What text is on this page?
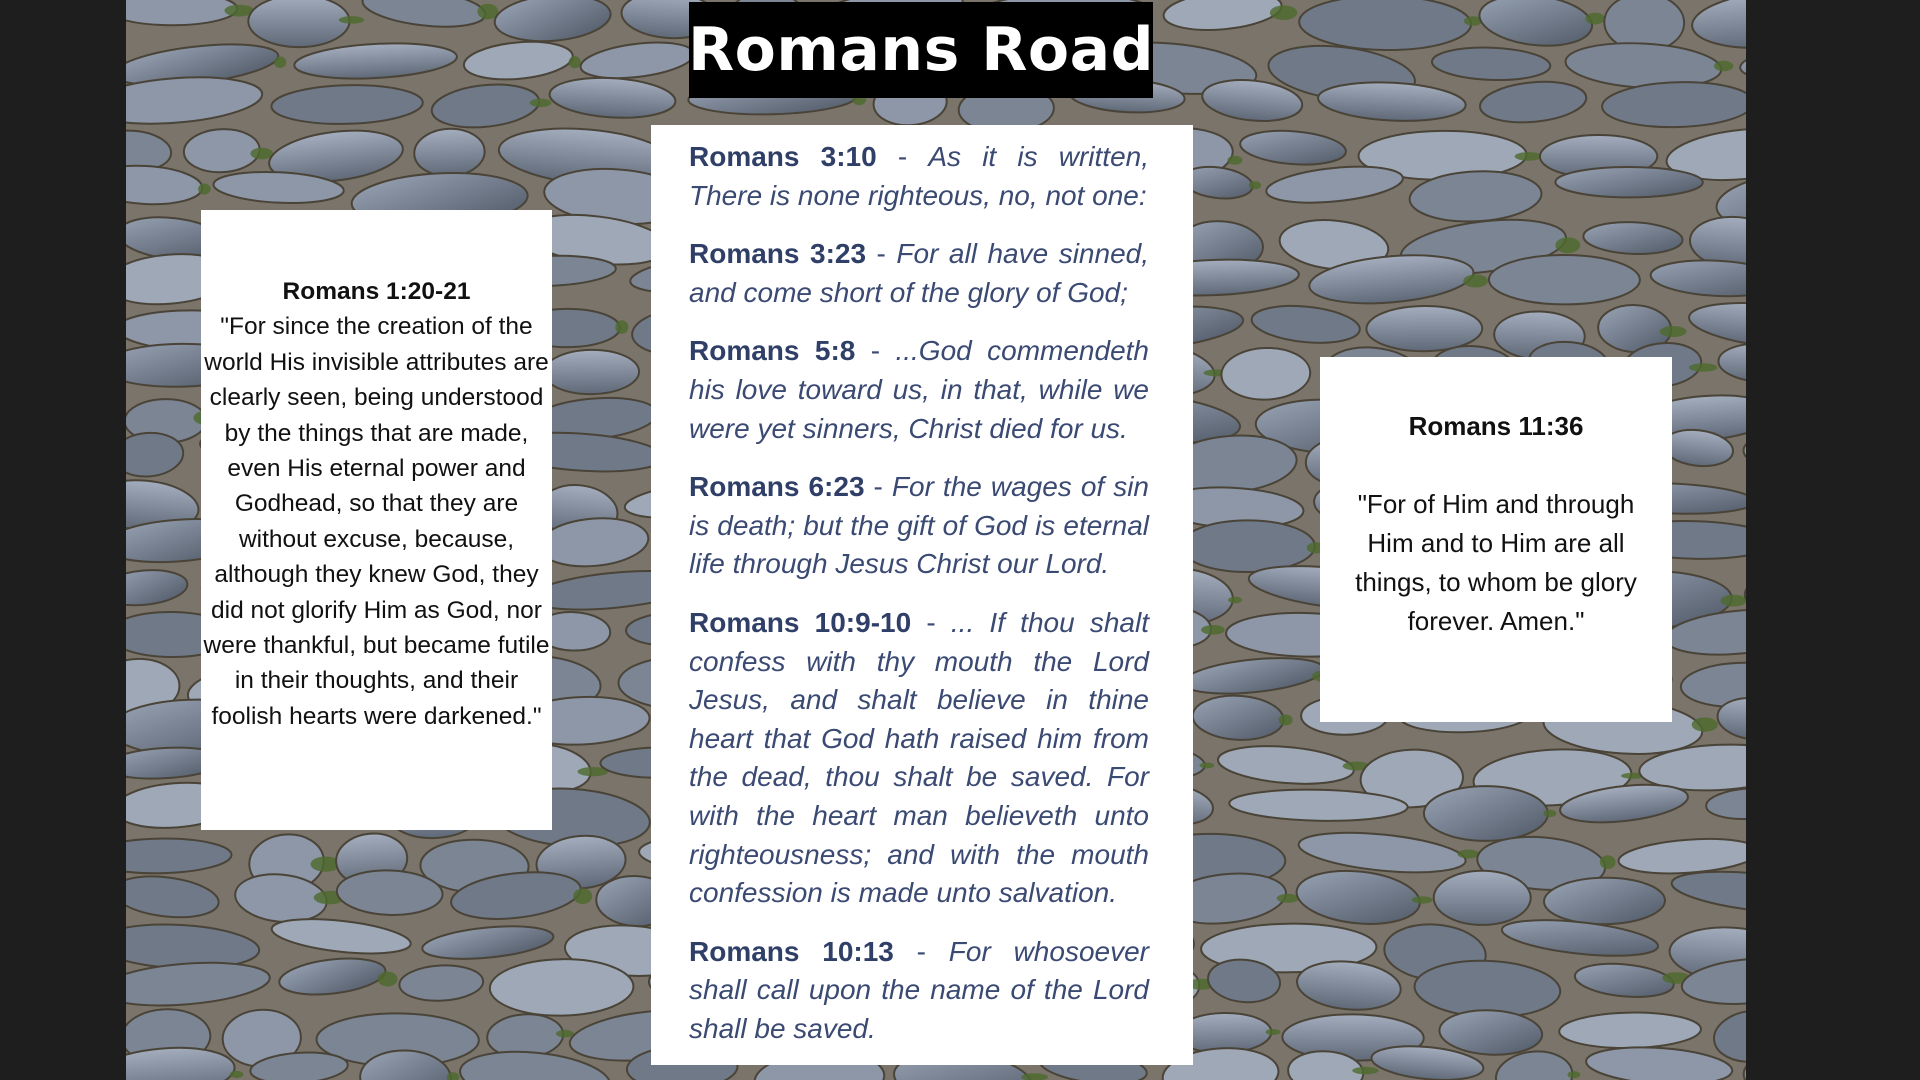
Romans Road
Romans 1:20-21
"For since the creation of the world His invisible attributes are clearly seen, being understood by the things that are made, even His eternal power and Godhead, so that they are without excuse, because, although they knew God, they did not glorify Him as God, nor were thankful, but became futile in their thoughts, and their foolish hearts were darkened."

Romans 3:10 - As it is written, There is none righteous, no, not one:

Romans 3:23 - For all have sinned, and come short of the glory of God;

Romans 5:8 - ...God commendeth his love toward us, in that, while we were yet sinners, Christ died for us.

Romans 6:23 - For the wages of sin is death; but the gift of God is eternal life through Jesus Christ our Lord.

Romans 10:9-10 - ... If thou shalt confess with thy mouth the Lord Jesus, and shalt believe in thine heart that God hath raised him from the dead, thou shalt be saved. For with the heart man believeth unto righteousness; and with the mouth confession is made unto salvation.

Romans 10:13 - For whosoever shall call upon the name of the Lord shall be saved.

Romans 11:36
"For of Him and through Him and to Him are all things, to whom be glory forever. Amen."
